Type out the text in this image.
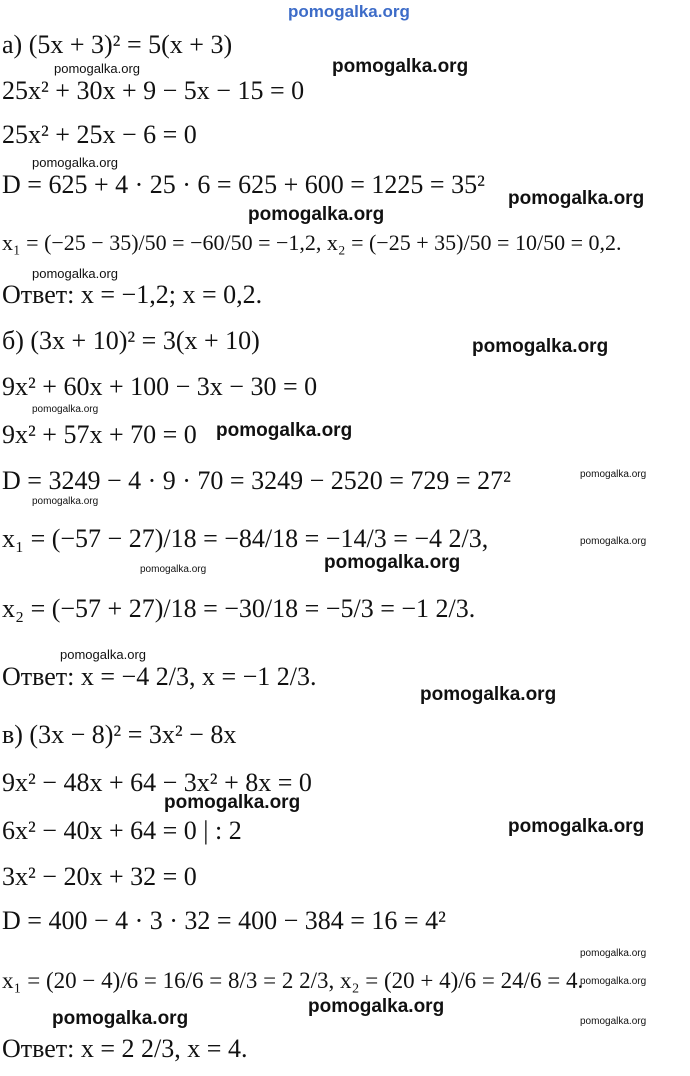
pomogalka.org
а) (5x + 3)² = 5(x + 3)
25x² + 30x + 9 − 5x − 15 = 0
25x² + 25x − 6 = 0
D = 625 + 4 · 25 · 6 = 625 + 600 = 1225 = 35²
x₁ = (−25 − 35)/50 = −60/50 = −1,2, x₂ = (−25 + 35)/50 = 10/50 = 0,2.
Ответ: x = −1,2; x = 0,2.
б) (3x + 10)² = 3(x + 10)
9x² + 60x + 100 − 3x − 30 = 0
9x² + 57x + 70 = 0
D = 3249 − 4 · 9 · 70 = 3249 − 2520 = 729 = 27²
x₁ = (−57 − 27)/18 = −84/18 = −14/3 = −4 2/3,
x₂ = (−57 + 27)/18 = −30/18 = −5/3 = −1 2/3.
Ответ: x = −4 2/3, x = −1 2/3.
в) (3x − 8)² = 3x² − 8x
9x² − 48x + 64 − 3x² + 8x = 0
6x² − 40x + 64 = 0 | : 2
3x² − 20x + 32 = 0
D = 400 − 4 · 3 · 32 = 400 − 384 = 16 = 4²
x₁ = (20 − 4)/6 = 16/6 = 8/3 = 2 2/3, x₂ = (20 + 4)/6 = 24/6 = 4.
Ответ: x = 2 2/3, x = 4.
pomogalka.org
pomogalka.org
pomogalka.org
pomogalka.org
pomogalka.org
pomogalka.org
pomogalka.org
pomogalka.org
pomogalka.org
pomogalka.org
pomogalka.org
pomogalka.org
pomogalka.org
pomogalka.org
pomogalka.org
pomogalka.org
pomogalka.org
pomogalka.org
pomogalka.org
pomogalka.org
pomogalka.org
pomogalka.org	pomogalka.org
